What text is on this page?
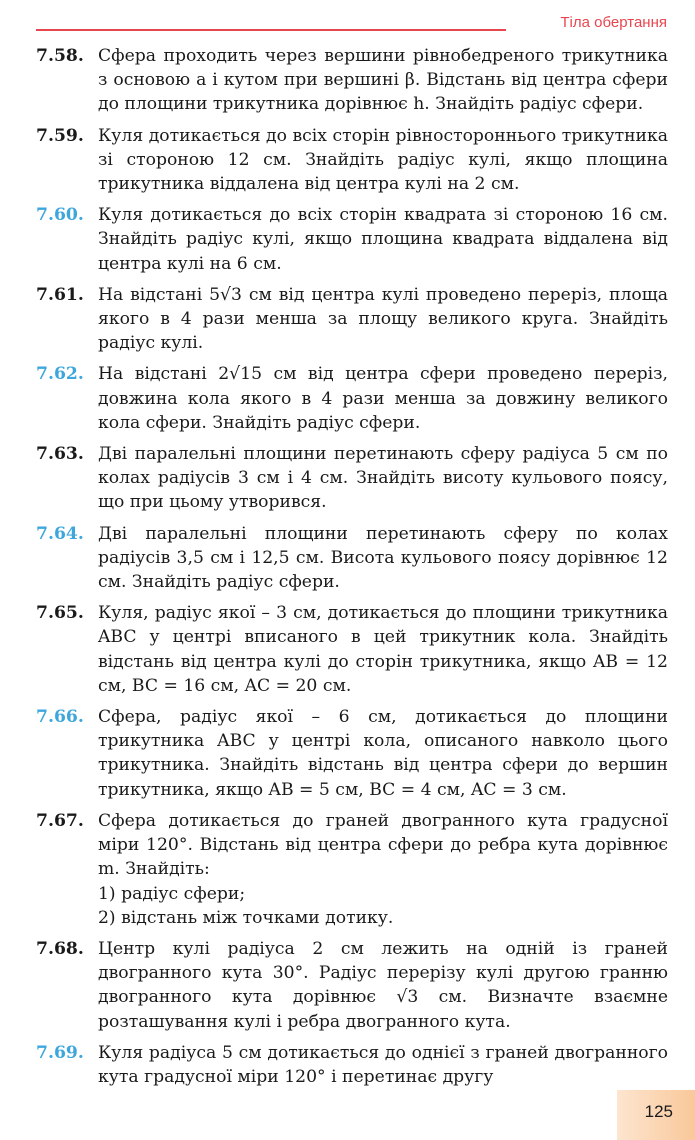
Тіла обертання
7.58. Сфера проходить через вершини рівнобедреного трикутника з основою a і кутом при вершині β. Відстань від центра сфери до площини трикутника дорівнює h. Знайдіть радіус сфери.

7.59. Куля дотикається до всіх сторін рівностороннього трикутника зі стороною 12 см. Знайдіть радіус кулі, якщо площина трикутника віддалена від центра кулі на 2 см.

7.60. Куля дотикається до всіх сторін квадрата зі стороною 16 см. Знайдіть радіус кулі, якщо площина квадрата віддалена від центра кулі на 6 см.

7.61. На відстані 5√3 см від центра кулі проведено переріз, площа якого в 4 рази менша за площу великого круга. Знайдіть радіус кулі.

7.62. На відстані 2√15 см від центра сфери проведено переріз, довжина кола якого в 4 рази менша за довжину великого кола сфери. Знайдіть радіус сфери.

7.63. Дві паралельні площини перетинають сферу радіуса 5 см по колах радіусів 3 см і 4 см. Знайдіть висоту кульового поясу, що при цьому утворився.

7.64. Дві паралельні площини перетинають сферу по колах радіусів 3,5 см і 12,5 см. Висота кульового поясу дорівнює 12 см. Знайдіть радіус сфери.

7.65. Куля, радіус якої – 3 см, дотикається до площини трикутника ABC у центрі вписаного в цей трикутник кола. Знайдіть відстань від центра кулі до сторін трикутника, якщо AB = 12 см, BC = 16 см, AC = 20 см.

7.66. Сфера, радіус якої – 6 см, дотикається до площини трикутника ABC у центрі кола, описаного навколо цього трикутника. Знайдіть відстань від центра сфери до вершин трикутника, якщо AB = 5 см, BC = 4 см, AC = 3 см.

7.67. Сфера дотикається до граней двогранного кута градусної міри 120°. Відстань від центра сфери до ребра кута дорівнює m. Знайдіть:

1) радіус сфери;

2) відстань між точками дотику.

7.68. Центр кулі радіуса 2 см лежить на одній із граней двогранного кута 30°. Радіус перерізу кулі другою гранню двогранного кута дорівнює √3 см. Визначте взаємне розташування кулі і ребра двогранного кута.

7.69. Куля радіуса 5 см дотикається до однієї з граней двогранного кута градусної міри 120° і перетинає другу

125
